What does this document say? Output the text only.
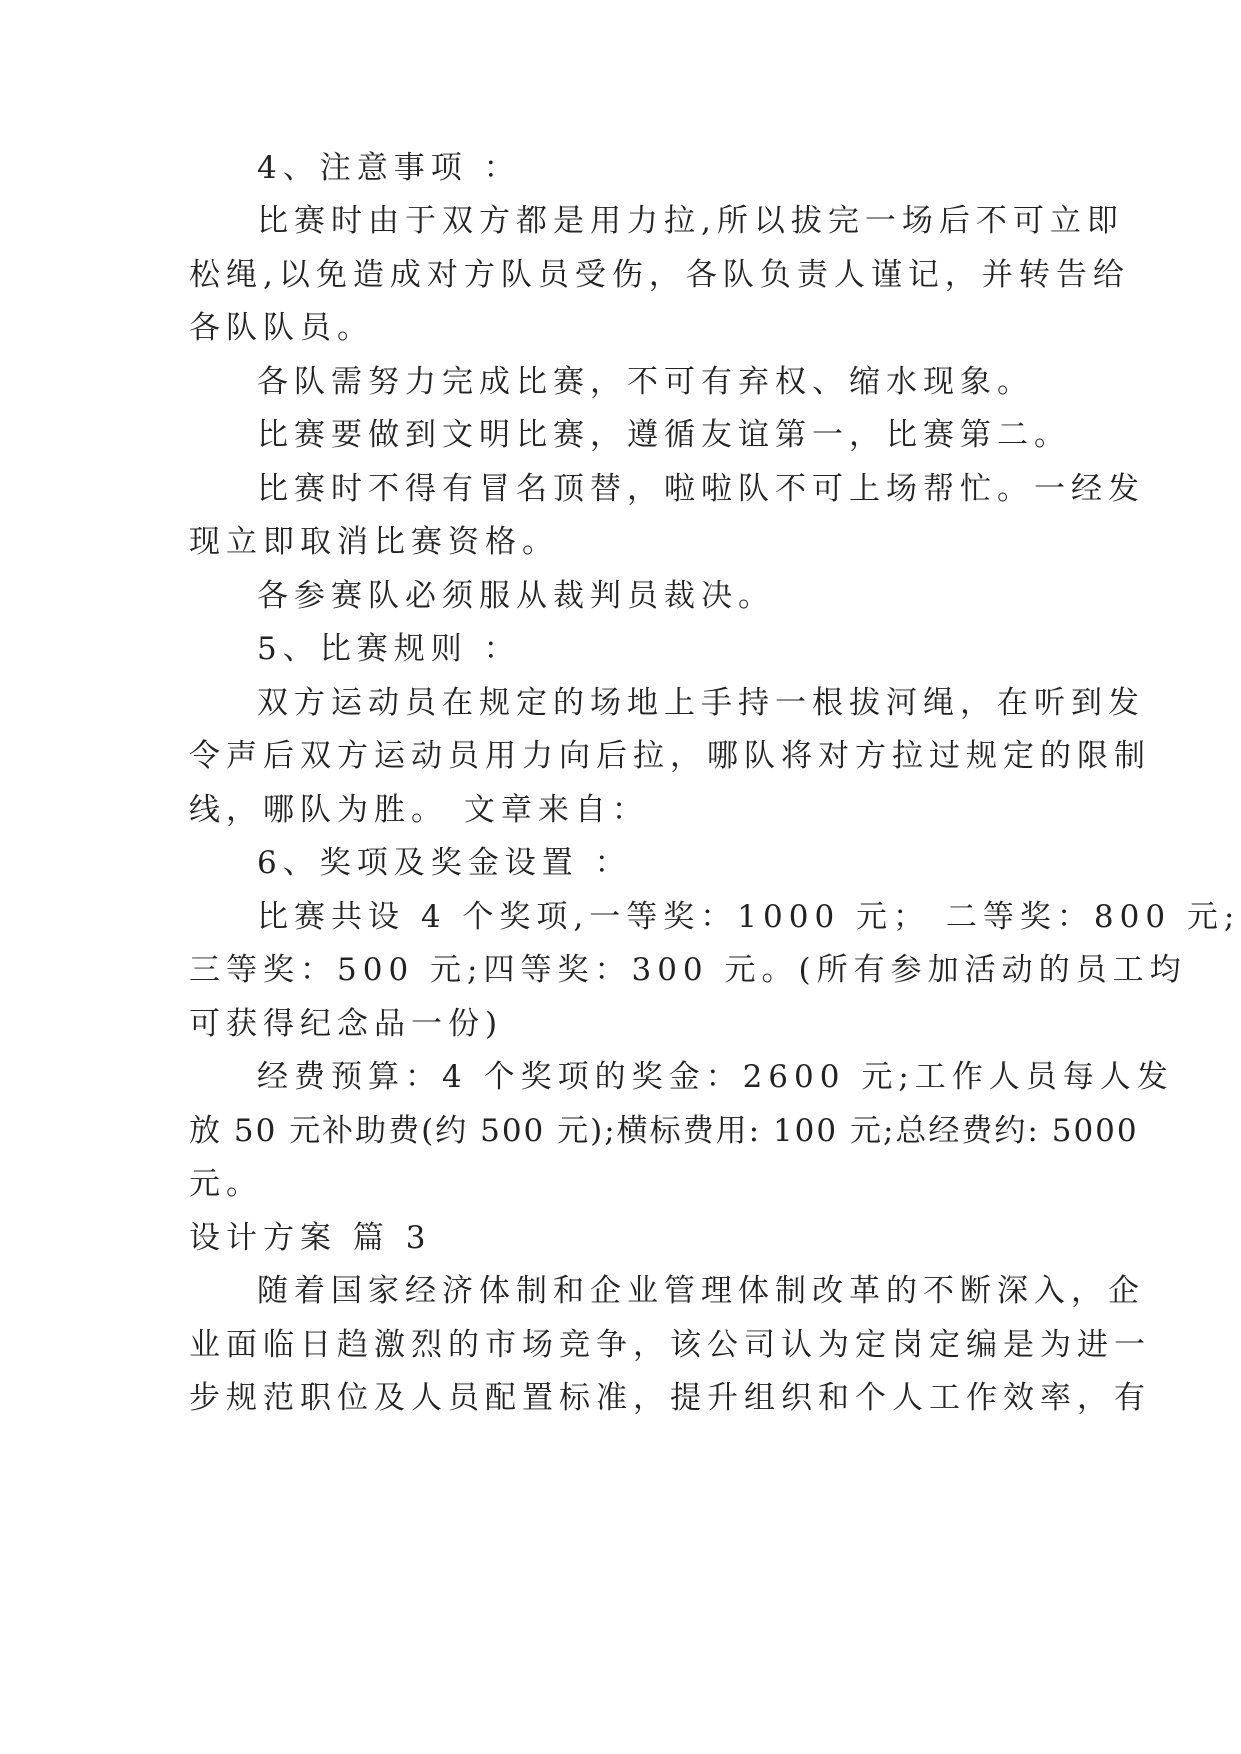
4、注意事项 ：
比赛时由于双方都是用力拉,所以拔完一场后不可立即
松绳,以免造成对方队员受伤，各队负责人谨记，并转告给
各队队员。
各队需努力完成比赛，不可有弃权、缩水现象。
比赛要做到文明比赛，遵循友谊第一，比赛第二。
比赛时不得有冒名顶替，啦啦队不可上场帮忙。一经发
现立即取消比赛资格。
各参赛队必须服从裁判员裁决。
5、比赛规则 ：
双方运动员在规定的场地上手持一根拔河绳，在听到发
令声后双方运动员用力向后拉，哪队将对方拉过规定的限制
线，哪队为胜。 文章来自：
6、奖项及奖金设置 ：
比赛共设 4 个奖项,一等奖：1000 元； 二等奖：800 元;
三等奖：500 元;四等奖：300 元。(所有参加活动的员工均
可获得纪念品一份)
经费预算：4 个奖项的奖金：2600 元;工作人员每人发
放 50 元补助费(约 500 元);横标费用: 100 元;总经费约: 5000
元。
设计方案 篇 3
随着国家经济体制和企业管理体制改革的不断深入，企
业面临日趋激烈的市场竞争，该公司认为定岗定编是为进一
步规范职位及人员配置标准，提升组织和个人工作效率，有
